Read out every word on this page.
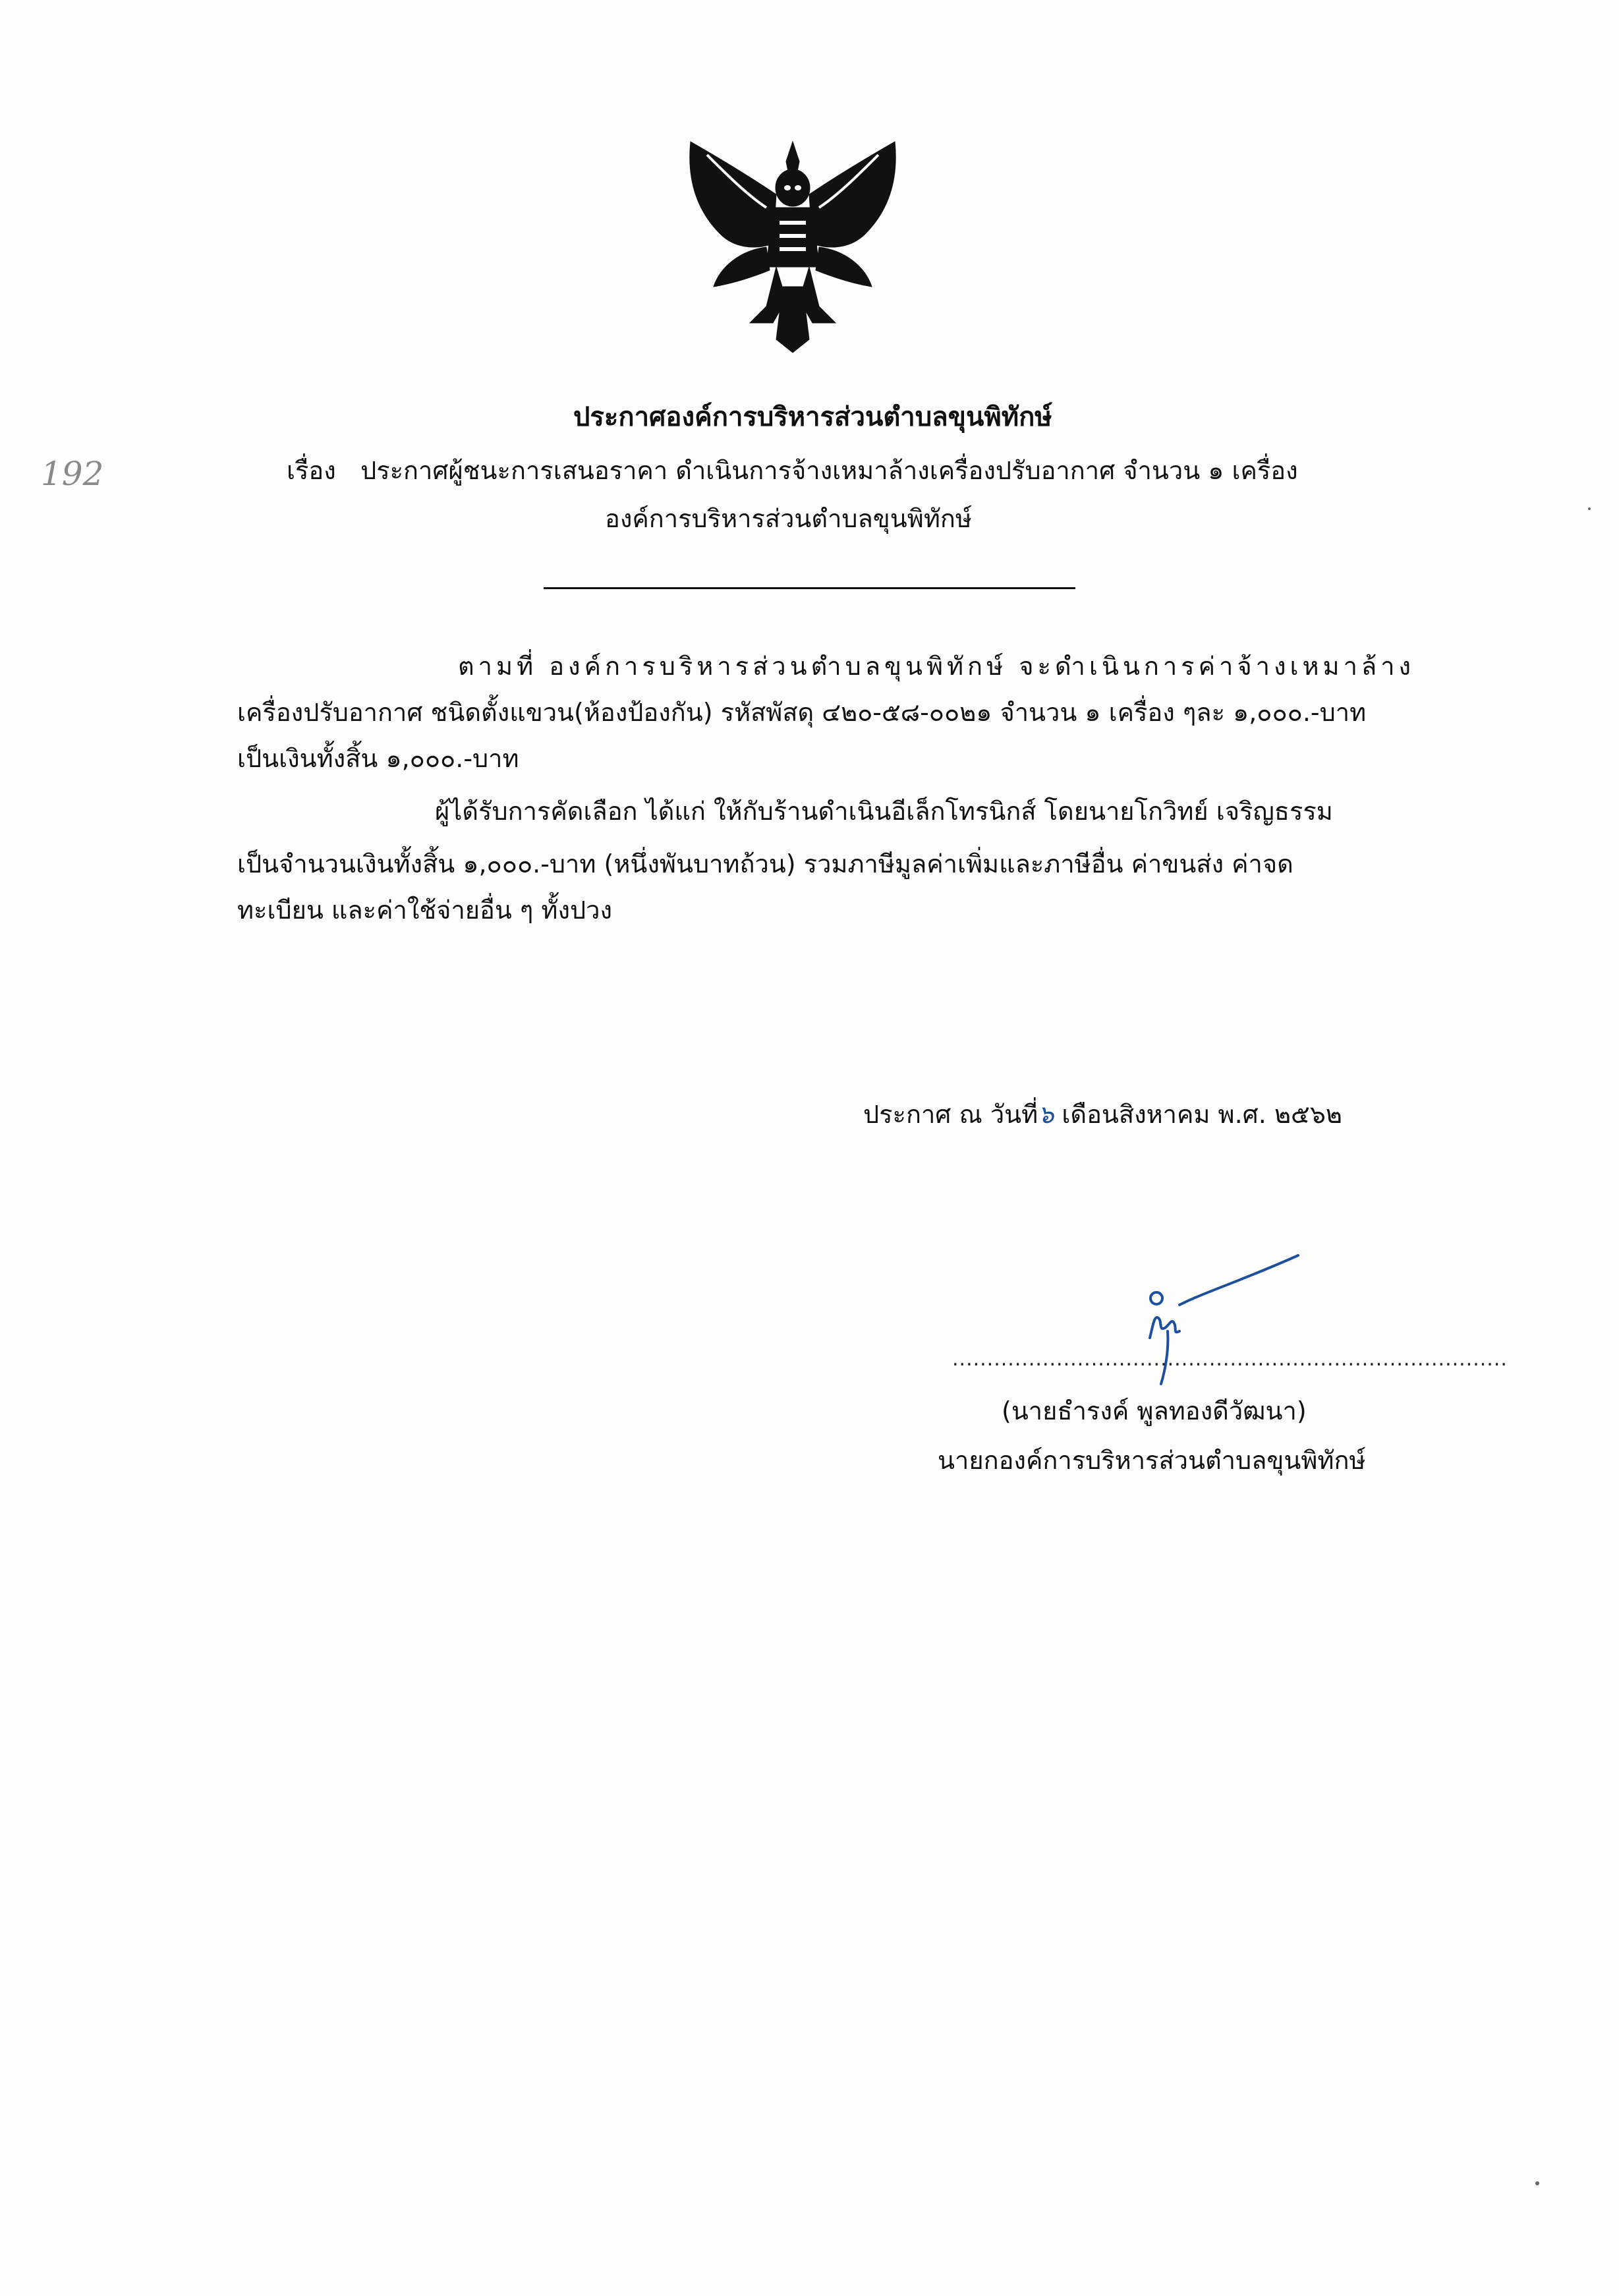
192
ประกาศองค์การบริหารส่วนตำบลขุนพิทักษ์
เรื่อง ประกาศผู้ชนะการเสนอราคา ดำเนินการจ้างเหมาล้างเครื่องปรับอากาศ จำนวน ๑ เครื่อง
องค์การบริหารส่วนตำบลขุนพิทักษ์
ตามที่ องค์การบริหารส่วนตำบลขุนพิทักษ์ จะดำเนินการค่าจ้างเหมาล้าง
เครื่องปรับอากาศ ชนิดตั้งแขวน(ห้องป้องกัน) รหัสพัสดุ ๔๒๐-๕๘-๐๐๒๑ จำนวน ๑ เครื่อง ๆละ ๑,๐๐๐.-บาท
เป็นเงินทั้งสิ้น ๑,๐๐๐.-บาท
ผู้ได้รับการคัดเลือก ได้แก่ ให้กับร้านดำเนินอีเล็กโทรนิกส์ โดยนายโกวิทย์ เจริญธรรม
เป็นจำนวนเงินทั้งสิ้น ๑,๐๐๐.-บาท (หนึ่งพันบาทถ้วน) รวมภาษีมูลค่าเพิ่มและภาษีอื่น ค่าขนส่ง ค่าจด
ทะเบียน และค่าใช้จ่ายอื่น ๆ ทั้งปวง
ประกาศ ณ วันที่๖ เดือนสิงหาคม พ.ศ. ๒๕๖๒
................................................................................
(นายธำรงค์ พูลทองดีวัฒนา)
นายกองค์การบริหารส่วนตำบลขุนพิทักษ์
